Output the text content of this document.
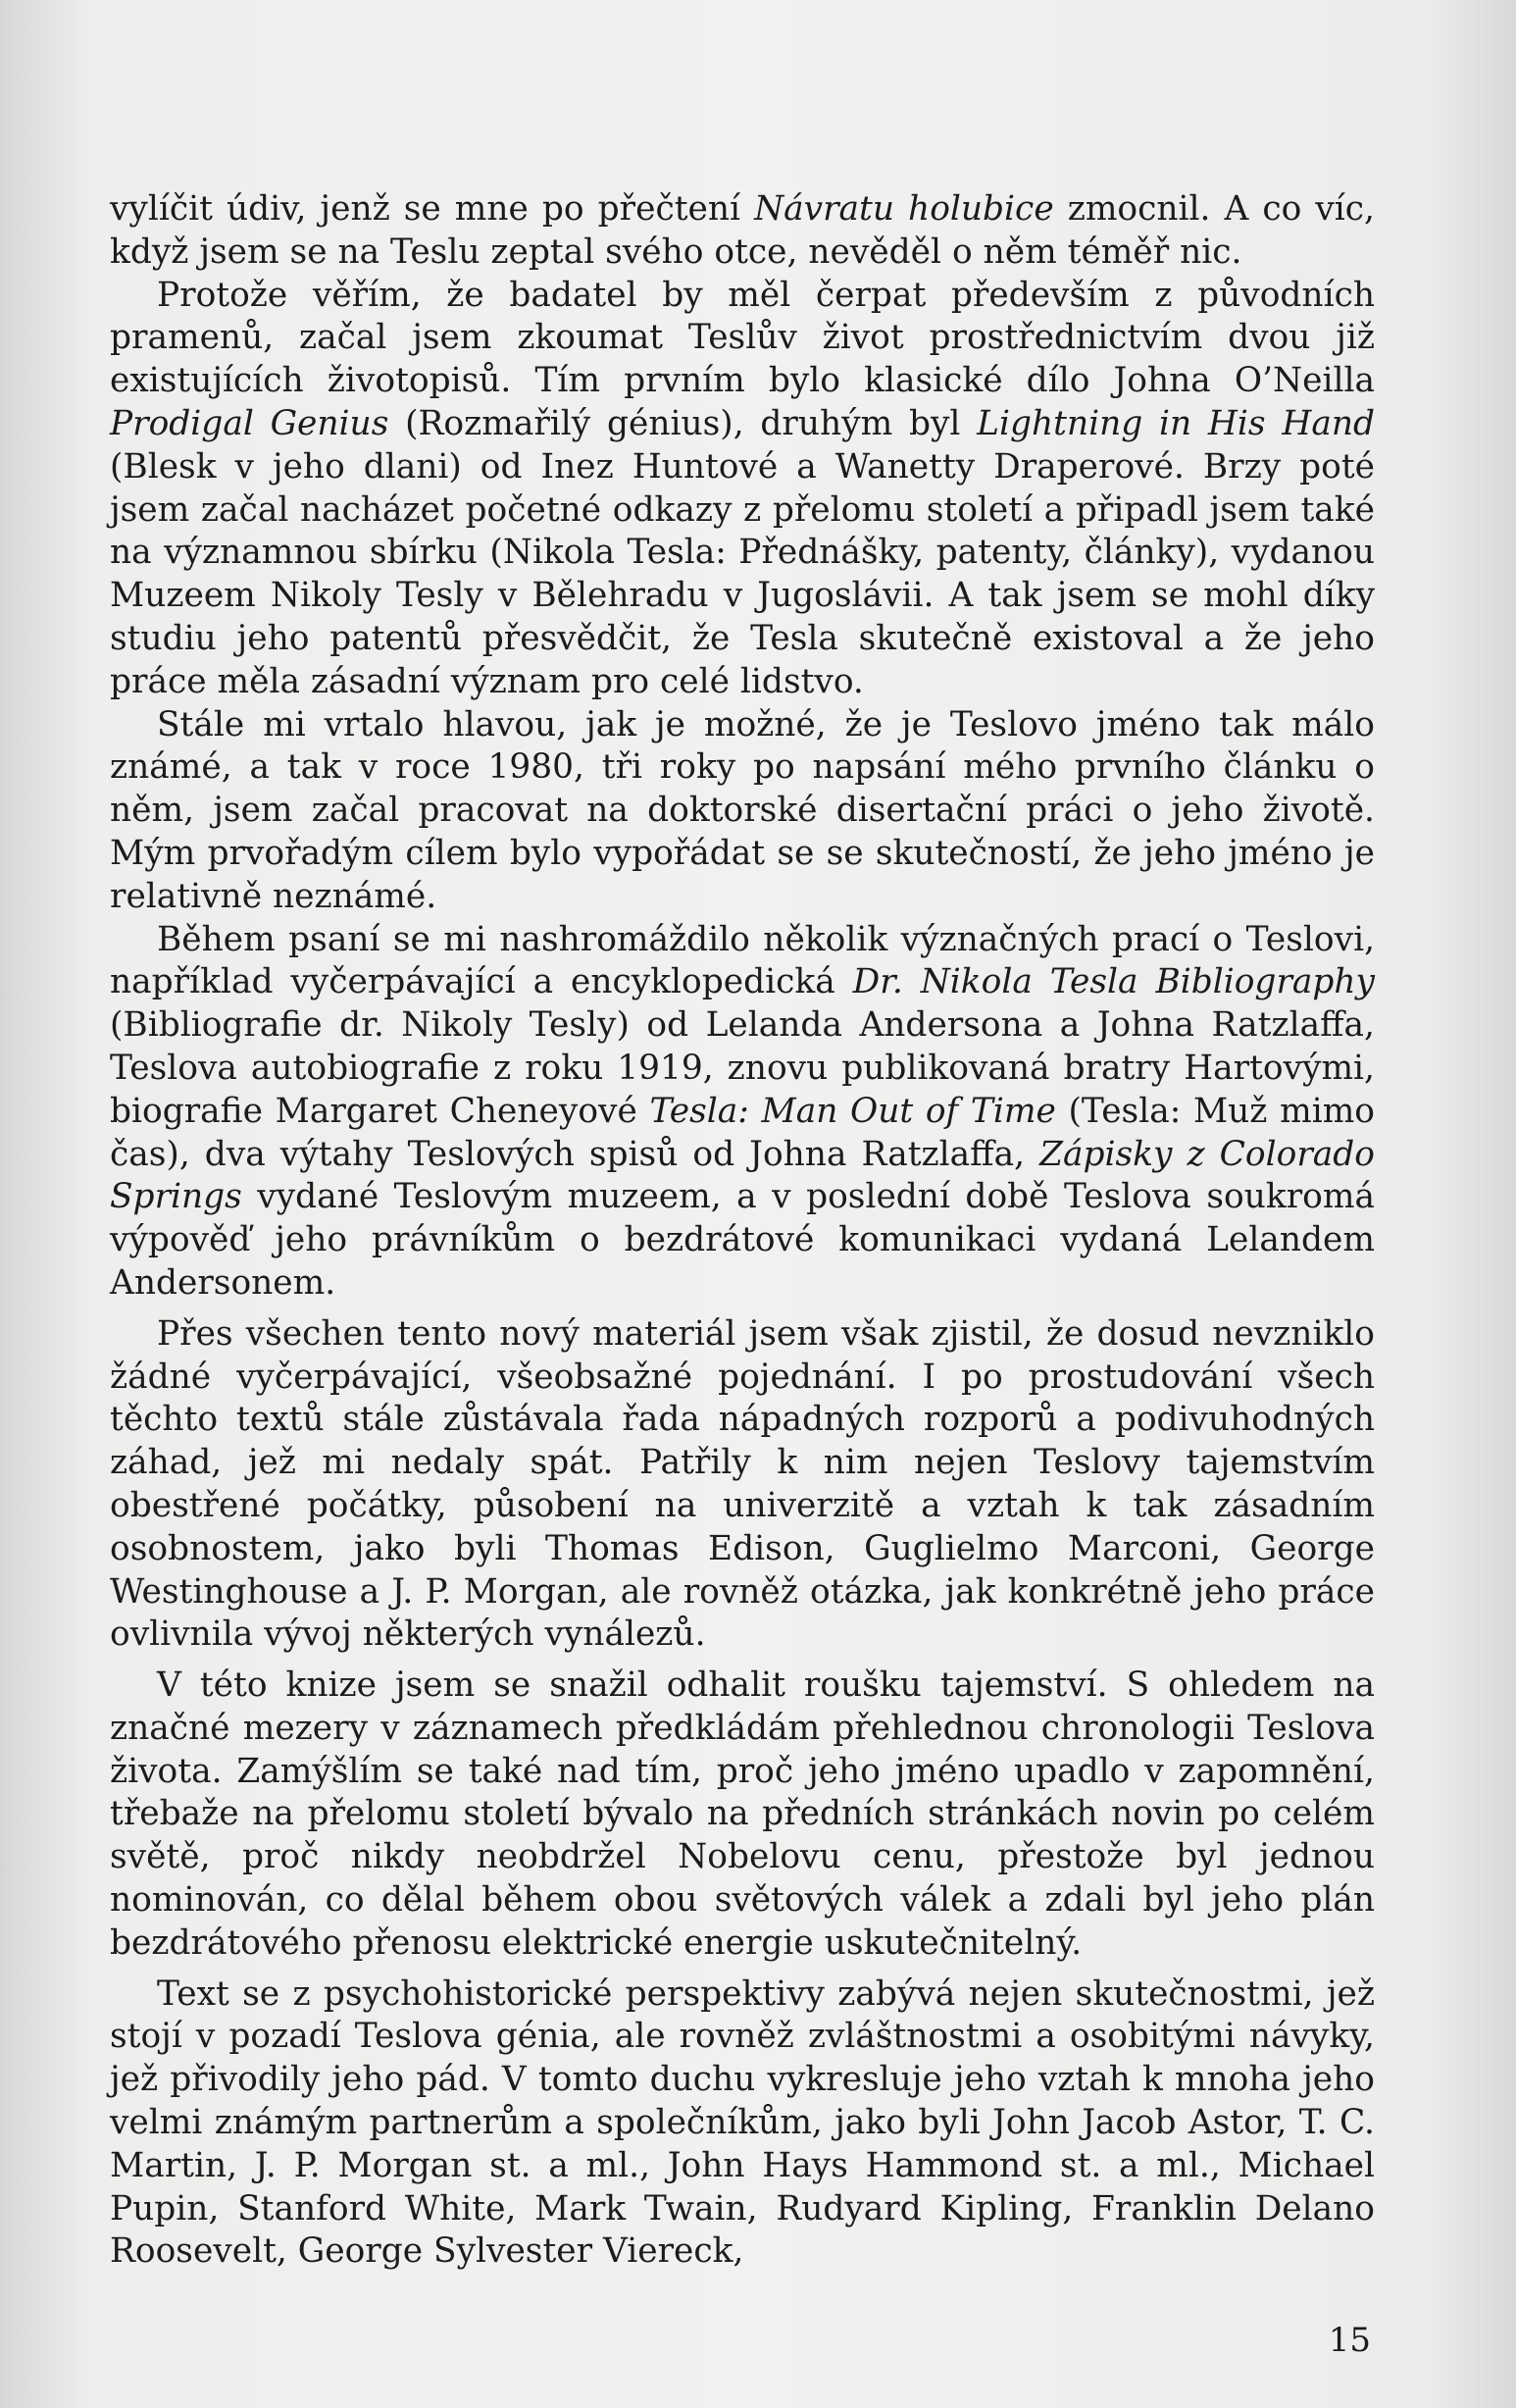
vylíčit údiv, jenž se mne po přečtení Návratu holubice zmocnil. A co víc, když jsem se na Teslu zeptal svého otce, nevěděl o něm téměř nic.

Protože věřím, že badatel by měl čerpat především z původních pramenů, začal jsem zkoumat Teslův život prostřednictvím dvou již existujících životopisů. Tím prvním bylo klasické dílo Johna O’Neilla Prodigal Genius (Rozmařilý génius), druhým byl Lightning in His Hand (Blesk v jeho dlani) od Inez Huntové a Wanetty Draperové. Brzy poté jsem začal nacházet početné odkazy z přelomu století a připadl jsem také na významnou sbírku (Nikola Tesla: Přednášky, patenty, články), vydanou Muzeem Nikoly Tesly v Bělehradu v Jugoslávii. A tak jsem se mohl díky studiu jeho patentů přesvědčit, že Tesla skutečně existoval a že jeho práce měla zásadní význam pro celé lidstvo.

Stále mi vrtalo hlavou, jak je možné, že je Teslovo jméno tak málo známé, a tak v roce 1980, tři roky po napsání mého prvního článku o něm, jsem začal pracovat na doktorské disertační práci o jeho životě. Mým prvořadým cílem bylo vypořádat se se skutečností, že jeho jméno je relativně neznámé.

Během psaní se mi nashromáždilo několik význačných prací o Teslovi, například vyčerpávající a encyklopedická Dr. Nikola Tesla Bibliography (Bibliografie dr. Nikoly Tesly) od Lelanda Andersona a Johna Ratzlaffa, Teslova autobiografie z roku 1919, znovu publikovaná bratry Hartovými, biografie Margaret Cheneyové Tesla: Man Out of Time (Tesla: Muž mimo čas), dva výtahy Teslových spisů od Johna Ratzlaffa, Zápisky z Colorado Springs vydané Teslovým muzeem, a v poslední době Teslova soukromá výpověď jeho právníkům o bezdrátové komunikaci vydaná Lelandem Andersonem.

Přes všechen tento nový materiál jsem však zjistil, že dosud nevzniklo žádné vyčerpávající, všeobsažné pojednání. I po prostudování všech těchto textů stále zůstávala řada nápadných rozporů a podivuhodných záhad, jež mi nedaly spát. Patřily k nim nejen Teslovy tajemstvím obestřené počátky, působení na univerzitě a vztah k tak zásadním osobnostem, jako byli Thomas Edison, Guglielmo Marconi, George Westinghouse a J. P. Morgan, ale rovněž otázka, jak konkrétně jeho práce ovlivnila vývoj některých vynálezů.

V této knize jsem se snažil odhalit roušku tajemství. S ohledem na značné mezery v záznamech předkládám přehlednou chronologii Teslova života. Zamýšlím se také nad tím, proč jeho jméno upadlo v zapomnění, třebaže na přelomu století bývalo na předních stránkách novin po celém světě, proč nikdy neobdržel Nobelovu cenu, přestože byl jednou nominován, co dělal během obou světových válek a zdali byl jeho plán bezdrátového přenosu elektrické energie uskutečnitelný.

Text se z psychohistorické perspektivy zabývá nejen skutečnostmi, jež stojí v pozadí Teslova génia, ale rovněž zvláštnostmi a osobitými návyky, jež přivodily jeho pád. V tomto duchu vykresluje jeho vztah k mnoha jeho velmi známým partnerům a společníkům, jako byli John Jacob Astor, T. C. Martin, J. P. Morgan st. a ml., John Hays Hammond st. a ml., Michael Pupin, Stanford White, Mark Twain, Rudyard Kipling, Franklin Delano Roosevelt, George Sylvester Viereck,

15
